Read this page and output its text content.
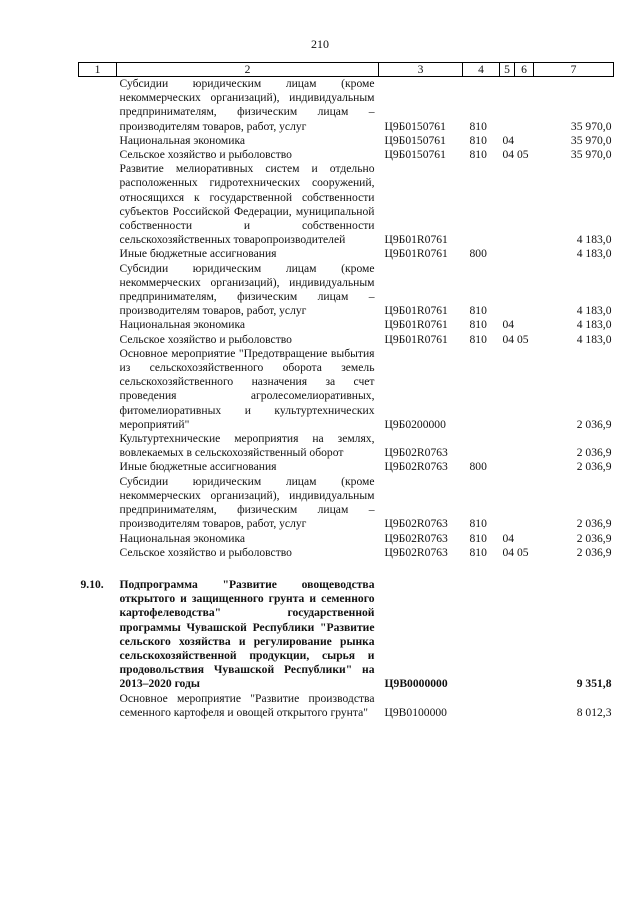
210
1	2	3	4	5	6	7
	Субсидии юридическим лицам (кроме некоммерческих организаций), индивидуальным предпринимателям, физическим лицам – производителям товаров, работ, услуг	Ц9Б0150761	810			35 970,0
	Национальная экономика	Ц9Б0150761	810	04		35 970,0
	Сельское хозяйство и рыболовство	Ц9Б0150761	810	04 05		35 970,0
	Развитие мелиоративных систем и отдельно расположенных гидротехнических сооружений, относящихся к государственной собственности субъектов Российской Федерации, муниципальной собственности и собственности сельскохозяйственных товаропроизводителей	Ц9Б01R0761				4 183,0
	Иные бюджетные ассигнования	Ц9Б01R0761	800			4 183,0
	Субсидии юридическим лицам (кроме некоммерческих организаций), индивидуальным предпринимателям, физическим лицам – производителям товаров, работ, услуг	Ц9Б01R0761	810			4 183,0
	Национальная экономика	Ц9Б01R0761	810	04		4 183,0
	Сельское хозяйство и рыболовство	Ц9Б01R0761	810	04 05		4 183,0
	Основное мероприятие "Предотвращение выбытия из сельскохозяйственного оборота земель сельскохозяйственного назначения за счет проведения агролесомелиоративных, фитомелиоративных и культуртехнических мероприятий"	Ц9Б0200000				2 036,9
	Культуртехнические мероприятия на землях, вовлекаемых в сельскохозяйственный оборот	Ц9Б02R0763				2 036,9
	Иные бюджетные ассигнования	Ц9Б02R0763	800			2 036,9
	Субсидии юридическим лицам (кроме некоммерческих организаций), индивидуальным предпринимателям, физическим лицам – производителям товаров, работ, услуг	Ц9Б02R0763	810			2 036,9
	Национальная экономика	Ц9Б02R0763	810	04		2 036,9
	Сельское хозяйство и рыболовство	Ц9Б02R0763	810	04 05		2 036,9

9.10.	Подпрограмма "Развитие овощеводства открытого и защищенного грунта и семенного картофелеводства" государственной программы Чувашской Республики "Развитие сельского хозяйства и регулирование рынка сельскохозяйственной продукции, сырья и продовольствия Чувашской Республики" на 2013–2020 годы	Ц9В0000000				9 351,8
	Основное мероприятие "Развитие производства семенного картофеля и овощей открытого грунта"	Ц9В0100000				8 012,3
